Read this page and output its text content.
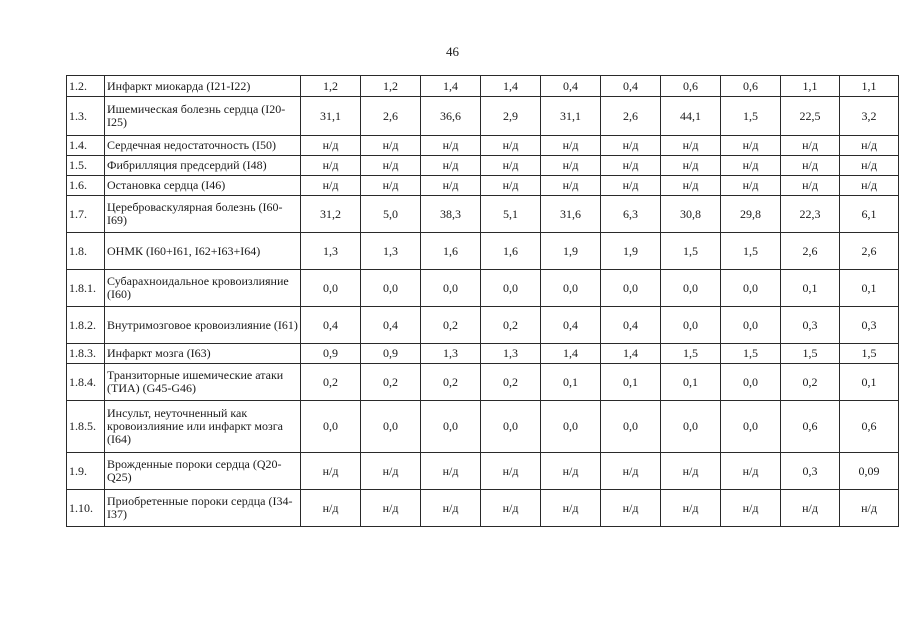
46
1.2.	Инфаркт миокарда (I21-I22)	1,2	1,2	1,4	1,4	0,4	0,4	0,6	0,6	1,1	1,1
1.3.	Ишемическая болезнь сердца (I20-I25)	31,1	2,6	36,6	2,9	31,1	2,6	44,1	1,5	22,5	3,2
1.4.	Сердечная недостаточность (I50)	н/д	н/д	н/д	н/д	н/д	н/д	н/д	н/д	н/д	н/д
1.5.	Фибрилляция предсердий (I48)	н/д	н/д	н/д	н/д	н/д	н/д	н/д	н/д	н/д	н/д
1.6.	Остановка сердца (I46)	н/д	н/д	н/д	н/д	н/д	н/д	н/д	н/д	н/д	н/д
1.7.	Цереброваскулярная болезнь (I60-I69)	31,2	5,0	38,3	5,1	31,6	6,3	30,8	29,8	22,3	6,1
1.8.	ОНМК (I60+I61, I62+I63+I64)	1,3	1,3	1,6	1,6	1,9	1,9	1,5	1,5	2,6	2,6
1.8.1.	Субарахноидальное кровоизлияние (I60)	0,0	0,0	0,0	0,0	0,0	0,0	0,0	0,0	0,1	0,1
1.8.2.	Внутримозговое кровоизлияние (I61)	0,4	0,4	0,2	0,2	0,4	0,4	0,0	0,0	0,3	0,3
1.8.3.	Инфаркт мозга (I63)	0,9	0,9	1,3	1,3	1,4	1,4	1,5	1,5	1,5	1,5
1.8.4.	Транзиторные ишемические атаки (ТИА) (G45-G46)	0,2	0,2	0,2	0,2	0,1	0,1	0,1	0,0	0,2	0,1
1.8.5.	Инсульт, неуточненный как кровоизлияние или инфаркт мозга (I64)	0,0	0,0	0,0	0,0	0,0	0,0	0,0	0,0	0,6	0,6
1.9.	Врожденные пороки сердца (Q20-Q25)	н/д	н/д	н/д	н/д	н/д	н/д	н/д	н/д	0,3	0,09
1.10.	Приобретенные пороки сердца (I34-I37)	н/д	н/д	н/д	н/д	н/д	н/д	н/д	н/д	н/д	н/д
